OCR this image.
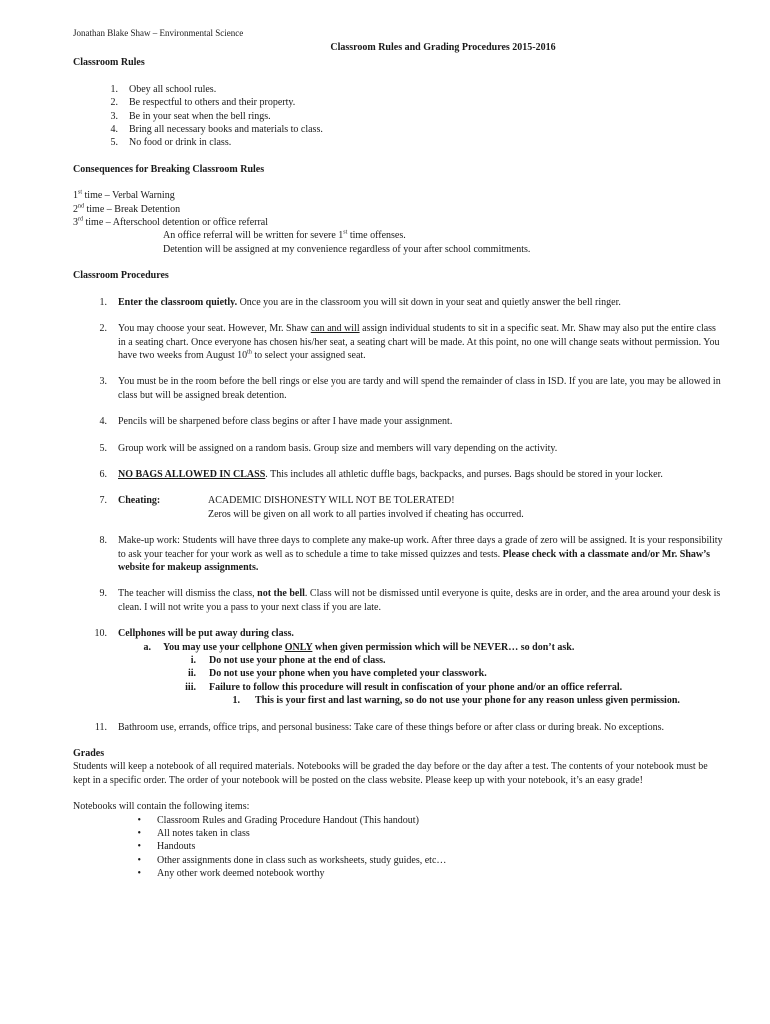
Jonathan Blake Shaw – Environmental Science
Classroom Rules and Grading Procedures 2015-2016
Classroom Rules
1.	Obey all school rules.
2.	Be respectful to others and their property.
3.	Be in your seat when the bell rings.
4.	Bring all necessary books and materials to class.
5.	No food or drink in class.
Consequences for Breaking Classroom Rules
1st time – Verbal Warning
2nd time – Break Detention
3rd time – Afterschool detention or office referral
An office referral will be written for severe 1st time offenses.
Detention will be assigned at my convenience regardless of your after school commitments.
Classroom Procedures
1.	Enter the classroom quietly. Once you are in the classroom you will sit down in your seat and quietly answer the bell ringer.
2.	You may choose your seat. However, Mr. Shaw can and will assign individual students to sit in a specific seat. Mr. Shaw may also put the entire class in a seating chart. Once everyone has chosen his/her seat, a seating chart will be made. At this point, no one will change seats without permission. You have two weeks from August 10th to select your assigned seat.
3.	You must be in the room before the bell rings or else you are tardy and will spend the remainder of class in ISD. If you are late, you may be allowed in class but will be assigned break detention.
4.	Pencils will be sharpened before class begins or after I have made your assignment.
5.	Group work will be assigned on a random basis. Group size and members will vary depending on the activity.
6.	NO BAGS ALLOWED IN CLASS. This includes all athletic duffle bags, backpacks, and purses. Bags should be stored in your locker.
7. Cheating:	ACADEMIC DISHONESTY WILL NOT BE TOLERATED!
Zeros will be given on all work to all parties involved if cheating has occurred.
8.	Make-up work: Students will have three days to complete any make-up work. After three days a grade of zero will be assigned. It is your responsibility to ask your teacher for your work as well as to schedule a time to take missed quizzes and tests. Please check with a classmate and/or Mr. Shaw’s website for makeup assignments.
9.	The teacher will dismiss the class, not the bell. Class will not be dismissed until everyone is quite, desks are in order, and the area around your desk is clean. I will not write you a pass to your next class if you are late.
10. Cellphones will be put away during class.
a.	You may use your cellphone ONLY when given permission which will be NEVER… so don’t ask.
i.	Do not use your phone at the end of class.
ii.	Do not use your phone when you have completed your classwork.
iii.	Failure to follow this procedure will result in confiscation of your phone and/or an office referral.
1.	This is your first and last warning, so do not use your phone for any reason unless given permission.
11.	Bathroom use, errands, office trips, and personal business: Take care of these things before or after class or during break. No exceptions.
Grades
Students will keep a notebook of all required materials. Notebooks will be graded the day before or the day after a test. The contents of your notebook must be kept in a specific order. The order of your notebook will be posted on the class website. Please keep up with your notebook, it’s an easy grade!
Notebooks will contain the following items:
•	Classroom Rules and Grading Procedure Handout (This handout)
•	All notes taken in class
•	Handouts
•	Other assignments done in class such as worksheets, study guides, etc…
•	Any other work deemed notebook worthy
